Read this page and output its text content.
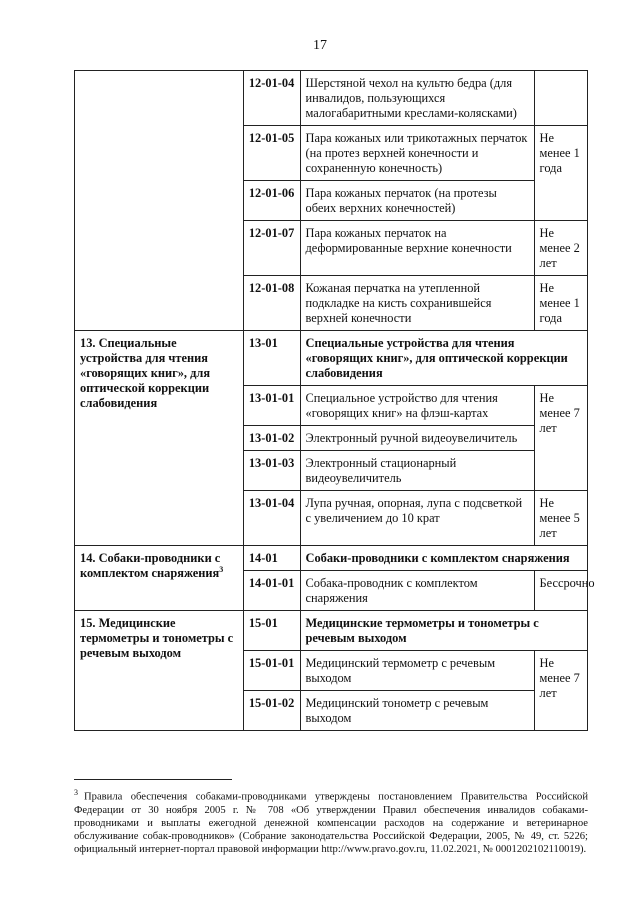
17
	12-01-04	Шерстяной чехол на культю бедра (для инвалидов, пользующихся малогабаритными креслами-колясками)	
	12-01-05	Пара кожаных или трикотажных перчаток (на протез верхней конечности и сохраненную конечность)	Не менее 1 года
	12-01-06	Пара кожаных перчаток (на протезы обеих верхних конечностей)	
	12-01-07	Пара кожаных перчаток на деформированные верхние конечности	Не менее 2 лет
	12-01-08	Кожаная перчатка на утепленной подкладке на кисть сохранившейся верхней конечности	Не менее 1 года
13. Специальные устройства для чтения «говорящих книг», для оптической коррекции слабовидения	13-01	Специальные устройства для чтения «говорящих книг», для оптической коррекции слабовидения	
	13-01-01	Специальное устройство для чтения «говорящих книг» на флэш-картах	Не менее 7 лет
	13-01-02	Электронный ручной видеоувеличитель	
	13-01-03	Электронный стационарный видеоувеличитель	
	13-01-04	Лупа ручная, опорная, лупа с подсветкой с увеличением до 10 крат	Не менее 5 лет
14. Собаки-проводники с комплектом снаряжения$^3$	14-01	Собаки-проводники с комплектом снаряжения	
	14-01-01	Собака-проводник с комплектом снаряжения	Бессрочно
15. Медицинские термометры и тонометры с речевым выходом	15-01	Медицинские термометры и тонометры с речевым выходом	
	15-01-01	Медицинский термометр с речевым выходом	Не менее 7 лет
	15-01-02	Медицинский тонометр с речевым выходом	
$^3$ Правила обеспечения собаками-проводниками утверждены постановлением Правительства Российской Федерации от 30 ноября 2005 г. № 708 «Об утверждении Правил обеспечения инвалидов собаками-проводниками и выплаты ежегодной денежной компенсации расходов на содержание и ветеринарное обслуживание собак-проводников» (Собрание законодательства Российской Федерации, 2005, № 49, ст. 5226; официальный интернет-портал правовой информации http://www.pravo.gov.ru, 11.02.2021, № 0001202102110019).
